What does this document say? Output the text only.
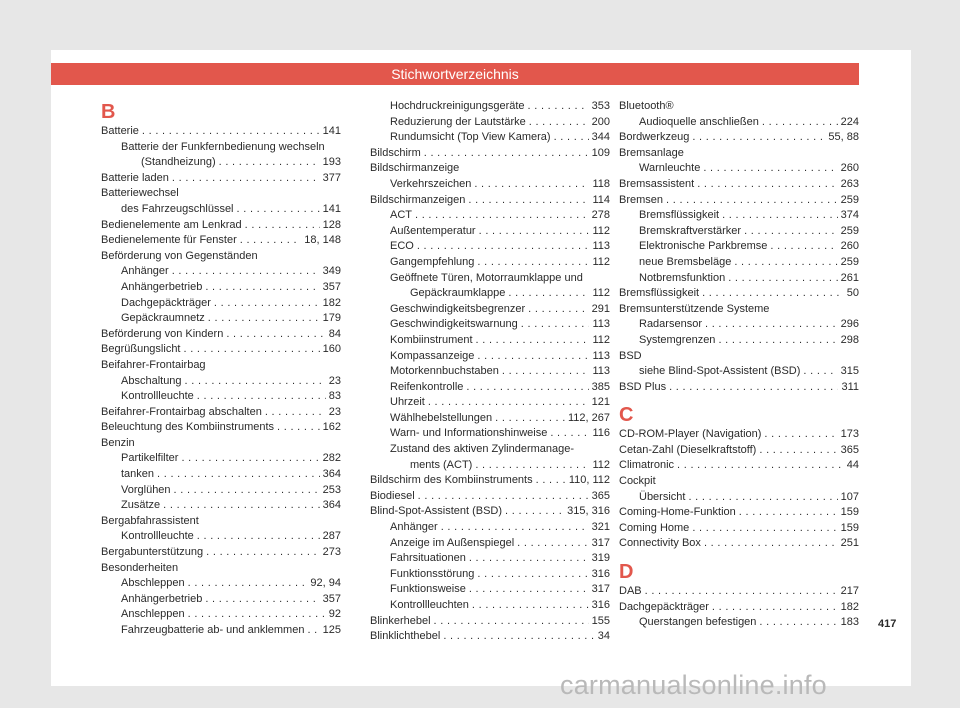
Stichwortverzeichnis
B
Batterie . . .	141
Batterie der Funkfernbedienung wechseln
(Standheizung) . . .	193
Batterie laden . . .	377
Batteriewechsel
des Fahrzeugschlüssel . . .	141
Bedienelemente am Lenkrad . . .	128
Bedienelemente für Fenster . . .	18, 148
Beförderung von Gegenständen
Anhänger . . .	349
Anhängerbetrieb . . .	357
Dachgepäckträger . . .	182
Gepäckraumnetz . . .	179
Beförderung von Kindern . . .	84
Begrüßungslicht . . .	160
Beifahrer-Frontairbag
Abschaltung . . .	23
Kontrollleuchte . . .	83
Beifahrer-Frontairbag abschalten . . .	23
Beleuchtung des Kombiinstruments . . .	162
Benzin
Partikelfilter . . .	282
tanken . . .	364
Vorglühen . . .	253
Zusätze . . .	364
Bergabfahrassistent
Kontrollleuchte . . .	287
Bergabunterstützung . . .	273
Besonderheiten
Abschleppen . . .	92, 94
Anhängerbetrieb . . .	357
Anschleppen . . .	92
Fahrzeugbatterie ab- und anklemmen . . . 125
Hochdruckreinigungsgeräte . . .	353
Reduzierung der Lautstärke . . .	200
Rundumsicht (Top View Kamera) . . .	344
Bildschirm . . .	109
Bildschirmanzeige
Verkehrszeichen . . .	118
Bildschirmanzeigen . . .	114
ACT . . .	278
Außentemperatur . . .	112
ECO . . .	113
Gangempfehlung . . .	112
Geöffnete Türen, Motorraumklappe und
Gepäckraumklappe . . .	112
Geschwindigkeitsbegrenzer . . .	291
Geschwindigkeitswarnung . . .	113
Kombiinstrument . . .	112
Kompassanzeige . . .	113
Motorkennbuchstaben . . .	113
Reifenkontrolle . . .	385
Uhrzeit . . .	121
Wählhebelstellungen . . .	112, 267
Warn- und Informationshinweise . . .	116
Zustand des aktiven Zylindermanage-
ments (ACT) . . .	112
Bildschirm des Kombiinstruments . . .	110, 112
Biodiesel . . .	365
Blind-Spot-Assistent (BSD) . . .	315, 316
Anhänger . . .	321
Anzeige im Außenspiegel . . .	317
Fahrsituationen . . .	319
Funktionsstörung . . .	316
Funktionsweise . . .	317
Kontrollleuchten . . .	316
Blinkerhebel . . .	155
Blinklichthebel . . .	34
Bluetooth®
Audioquelle anschließen . . .	224
Bordwerkzeug . . .	55, 88
Bremsanlage
Warnleuchte . . .	260
Bremsassistent . . .	263
Bremsen . . .	259
Bremsflüssigkeit . . .	374
Bremskraftverstärker . . .	259
Elektronische Parkbremse . . .	260
neue Bremsbeläge . . .	259
Notbremsfunktion . . .	261
Bremsflüssigkeit . . .	50
Bremsunterstützende Systeme
Radarsensor . . .	296
Systemgrenzen . . .	298
BSD
siehe Blind-Spot-Assistent (BSD) . . .	315
BSD Plus . . .	311
C
CD-ROM-Player (Navigation) . . .	173
Cetan-Zahl (Dieselkraftstoff) . . .	365
Climatronic . . .	44
Cockpit
Übersicht . . .	107
Coming-Home-Funktion . . .	159
Coming Home . . .	159
Connectivity Box . . .	251
D
DAB . . .	217
Dachgepäckträger . . .	182
Querstangen befestigen . . .	183 417
carmanualsonline.info
